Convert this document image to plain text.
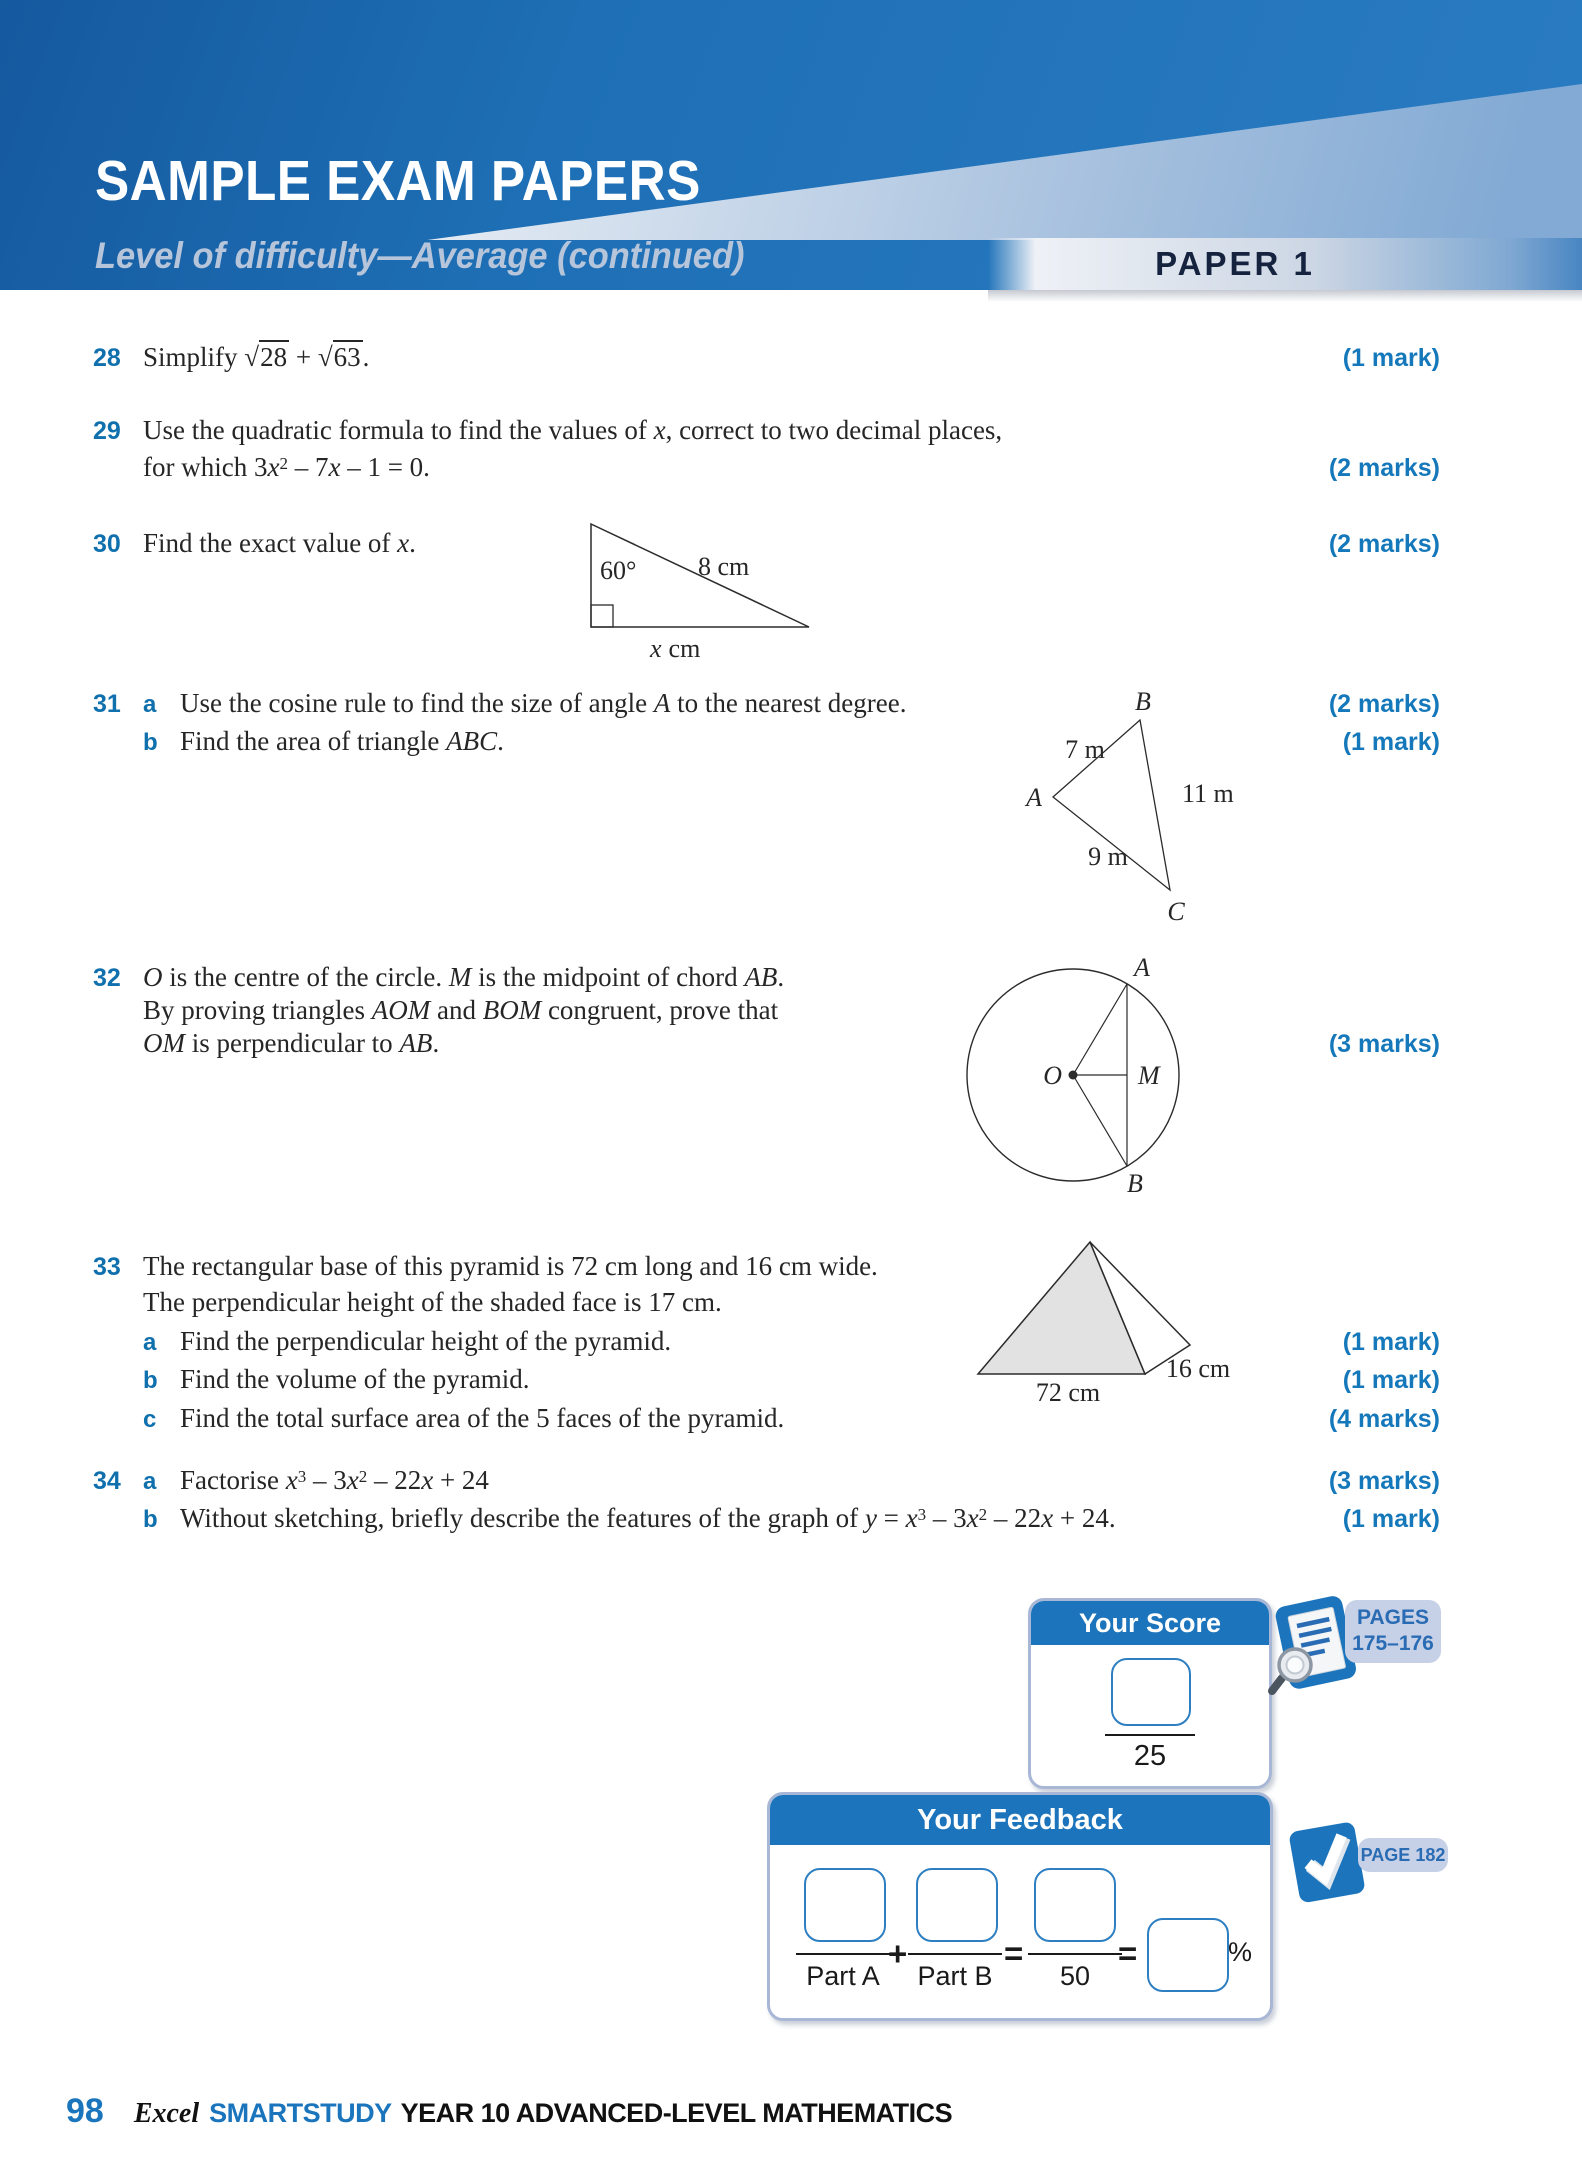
SAMPLE EXAM PAPERS
Level of difficulty—Average (continued)	PAPER 1
28 Simplify √28 + √63.	(1 mark)
29 Use the quadratic formula to find the values of x, correct to two decimal places,
for which $3x^2 - 7x - 1 = 0$.	(2 marks)
30 Find the exact value of x.	(2 marks)
31 a Use the cosine rule to find the size of angle A to the nearest degree.	(2 marks)
b Find the area of triangle ABC.	(1 mark)
32 O is the centre of the circle. M is the midpoint of chord AB.
By proving triangles AOM and BOM congruent, prove that
OM is perpendicular to AB.	(3 marks)
33 The rectangular base of this pyramid is 72 cm long and 16 cm wide.
The perpendicular height of the shaded face is 17 cm.
a Find the perpendicular height of the pyramid.	(1 mark)
b Find the volume of the pyramid.	(1 mark)
c Find the total surface area of the 5 faces of the pyramid.	(4 marks)
34 a Factorise $x^3 - 3x^2 - 22x + 24$	(3 marks)
b Without sketching, briefly describe the features of the graph of $y = x^3 - 3x^2 - 22x + 24$.	(1 mark)
60° 8 cm
x cm
B
A
C
7 m
11 m
9 m
O	M
A
B
72 cm
16 cm
Your Score
25
PAGES
175–176
Your Feedback
Part A	Part B	50
+	=	=	%
PAGE 182
98 Excel SMARTSTUDY YEAR 10 ADVANCED-LEVEL MATHEMATICS
